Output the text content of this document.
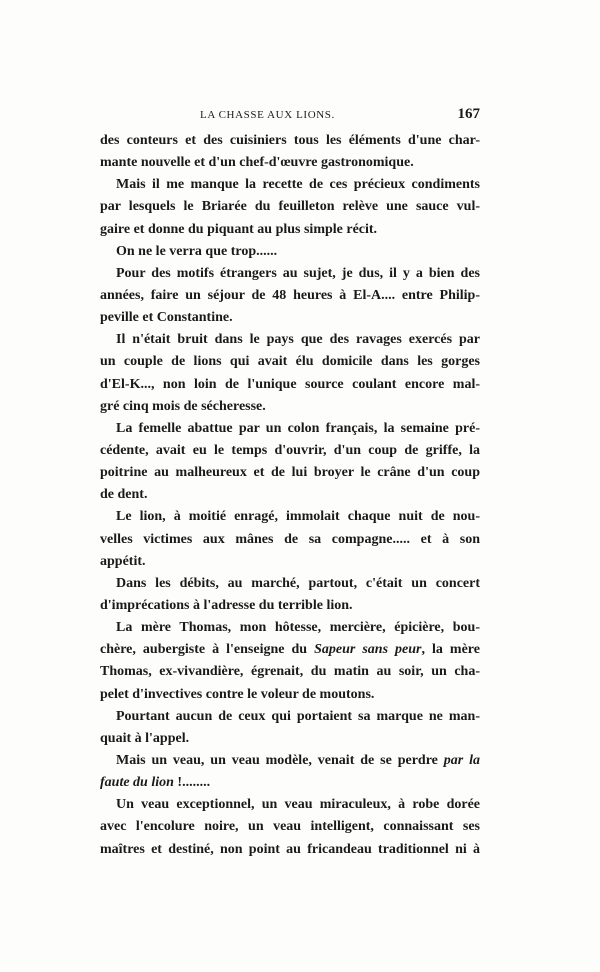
LA CHASSE AUX LIONS.	167
des conteurs et des cuisiniers tous les éléments d'une char-
mante nouvelle et d'un chef-d'œuvre gastronomique.
Mais il me manque la recette de ces précieux condiments
par lesquels le Briarée du feuilleton relève une sauce vul-
gaire et donne du piquant au plus simple récit.
On ne le verra que trop......
Pour des motifs étrangers au sujet, je dus, il y a bien des
années, faire un séjour de 48 heures à El-A.... entre Philip-
peville et Constantine.
Il n'était bruit dans le pays que des ravages exercés par
un couple de lions qui avait élu domicile dans les gorges
d'El-K..., non loin de l'unique source coulant encore mal-
gré cinq mois de sécheresse.
La femelle abattue par un colon français, la semaine pré-
cédente, avait eu le temps d'ouvrir, d'un coup de griffe, la
poitrine au malheureux et de lui broyer le crâne d'un coup
de dent.
Le lion, à moitié enragé, immolait chaque nuit de nou-
velles victimes aux mânes de sa compagne..... et à son
appétit.
Dans les débits, au marché, partout, c'était un concert
d'imprécations à l'adresse du terrible lion.
La mère Thomas, mon hôtesse, mercière, épicière, bou-
chère, aubergiste à l'enseigne du Sapeur sans peur, la mère
Thomas, ex-vivandière, égrenait, du matin au soir, un cha-
pelet d'invectives contre le voleur de moutons.
Pourtant aucun de ceux qui portaient sa marque ne man-
quait à l'appel.
Mais un veau, un veau modèle, venait de se perdre par la
faute du lion !........
Un veau exceptionnel, un veau miraculeux, à robe dorée
avec l'encolure noire, un veau intelligent, connaissant ses
maîtres et destiné, non point au fricandeau traditionnel ni à
